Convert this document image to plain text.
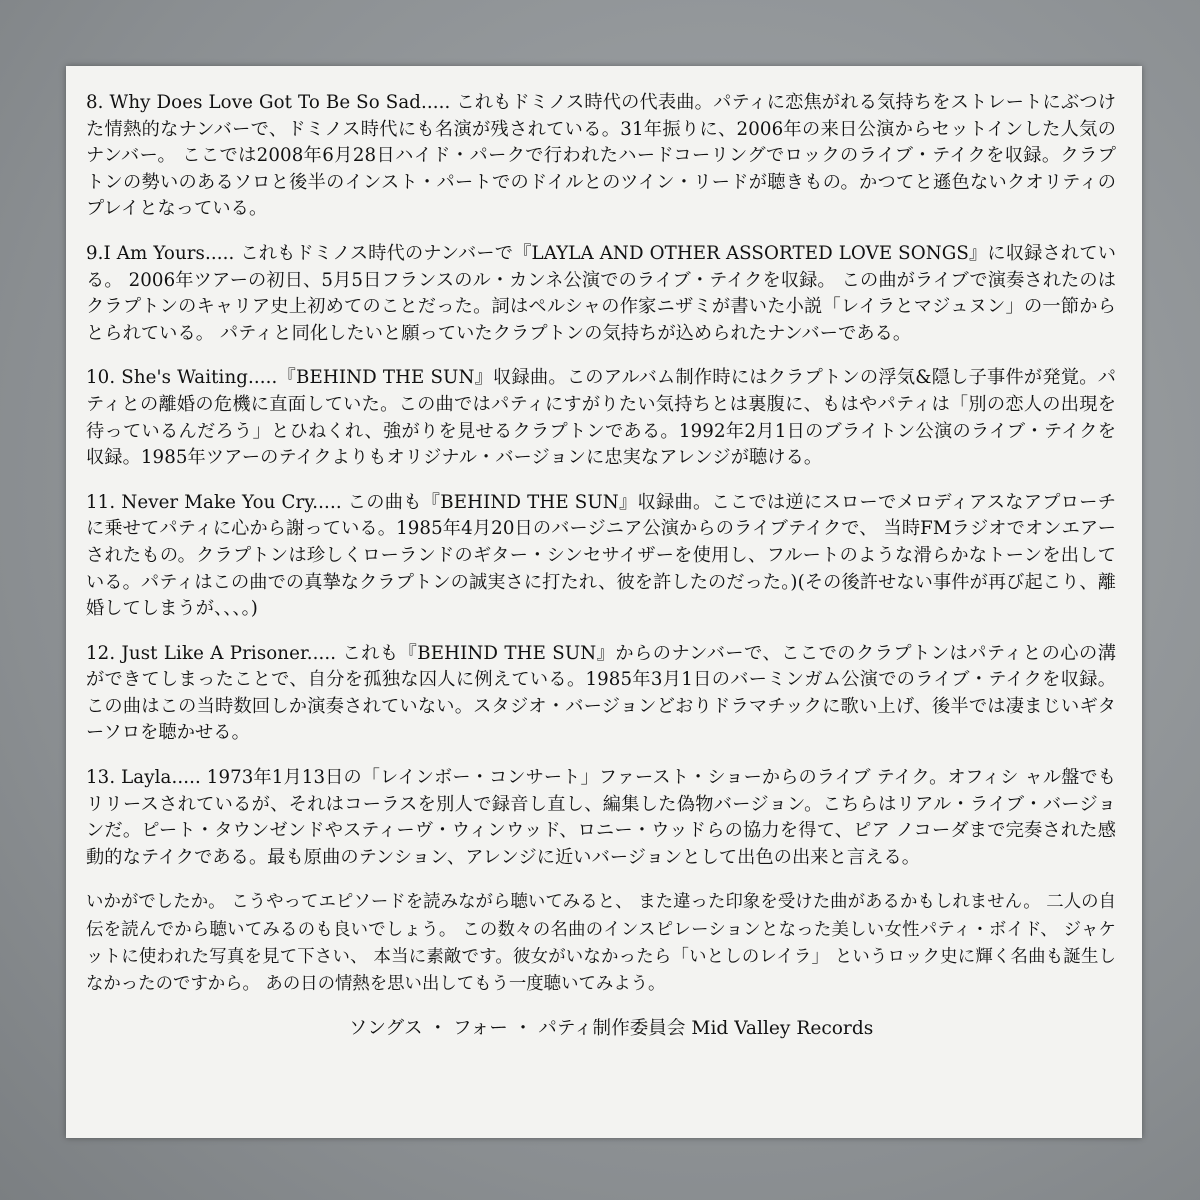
8. Why Does Love Got To Be So Sad..... これもドミノス時代の代表曲。パティに恋焦がれる気持ちをストレートにぶつけた情熱的なナンバーで、ドミノス時代にも名演が残されている。31年振りに、2006年の来日公演からセットインした人気のナンバー。 ここでは2008年6月28日ハイド・パークで行われたハードコーリングでロックのライブ・テイクを収録。クラプトンの勢いのあるソロと後半のインスト・パートでのドイルとのツイン・リードが聴きもの。かつてと遜色ないクオリティのプレイとなっている。

9.I Am Yours..... これもドミノス時代のナンバーで『LAYLA AND OTHER ASSORTED LOVE SONGS』に収録されている。 2006年ツアーの初日、5月5日フランスのル・カンネ公演でのライブ・テイクを収録。 この曲がライブで演奏されたのはクラプトンのキャリア史上初めてのことだった。詞はペルシャの作家ニザミが書いた小説「レイラとマジュヌン」の一節からとられている。 パティと同化したいと願っていたクラプトンの気持ちが込められたナンバーである。

10. She's Waiting.....『BEHIND THE SUN』収録曲。このアルバム制作時にはクラプトンの浮気&隠し子事件が発覚。パティとの離婚の危機に直面していた。この曲ではパティにすがりたい気持ちとは裏腹に、もはやパティは「別の恋人の出現を待っているんだろう」とひねくれ、強がりを見せるクラプトンである。1992年2月1日のブライトン公演のライブ・テイクを収録。1985年ツアーのテイクよりもオリジナル・バージョンに忠実なアレンジが聴ける。

11. Never Make You Cry..... この曲も『BEHIND THE SUN』収録曲。ここでは逆にスローでメロディアスなアプローチに乗せてパティに心から謝っている。1985年4月20日のバージニア公演からのライブテイクで、 当時FMラジオでオンエアーされたもの。クラプトンは珍しくローランドのギター・シンセサイザーを使用し、フルートのような滑らかなトーンを出している。パティはこの曲での真摯なクラプトンの誠実さに打たれ、彼を許したのだった。)(その後許せない事件が再び起こり、離婚してしまうが、、、。)

12. Just Like A Prisoner..... これも『BEHIND THE SUN』からのナンバーで、ここでのクラプトンはパティとの心の溝ができてしまったことで、自分を孤独な囚人に例えている。1985年3月1日のバーミンガム公演でのライブ・テイクを収録。この曲はこの当時数回しか演奏されていない。スタジオ・バージョンどおりドラマチックに歌い上げ、後半では凄まじいギターソロを聴かせる。

13. Layla..... 1973年1月13日の「レインボー・コンサート」ファースト・ショーからのライブ テイク。オフィシ ャル盤でもリリースされているが、それはコーラスを別人で録音し直し、編集した偽物バージョン。こちらはリアル・ライブ・バージョンだ。ピート・タウンゼンドやスティーヴ・ウィンウッド、ロニー・ウッドらの協力を得て、ピア ノコーダまで完奏された感動的なテイクである。最も原曲のテンション、アレンジに近いバージョンとして出色の出来と言える。

いかがでしたか。 こうやってエピソードを読みながら聴いてみると、 また違った印象を受けた曲があるかもしれません。 二人の自伝を読んでから聴いてみるのも良いでしょう。 この数々の名曲のインスピレーションとなった美しい女性パティ・ボイド、 ジャケットに使われた写真を見て下さい、 本当に素敵です。彼女がいなかったら「いとしのレイラ」 というロック史に輝く名曲も誕生しなかったのですから。 あの日の情熱を思い出してもう一度聴いてみよう。

ソングス ・ フォー ・ パティ制作委員会 Mid Valley Records
